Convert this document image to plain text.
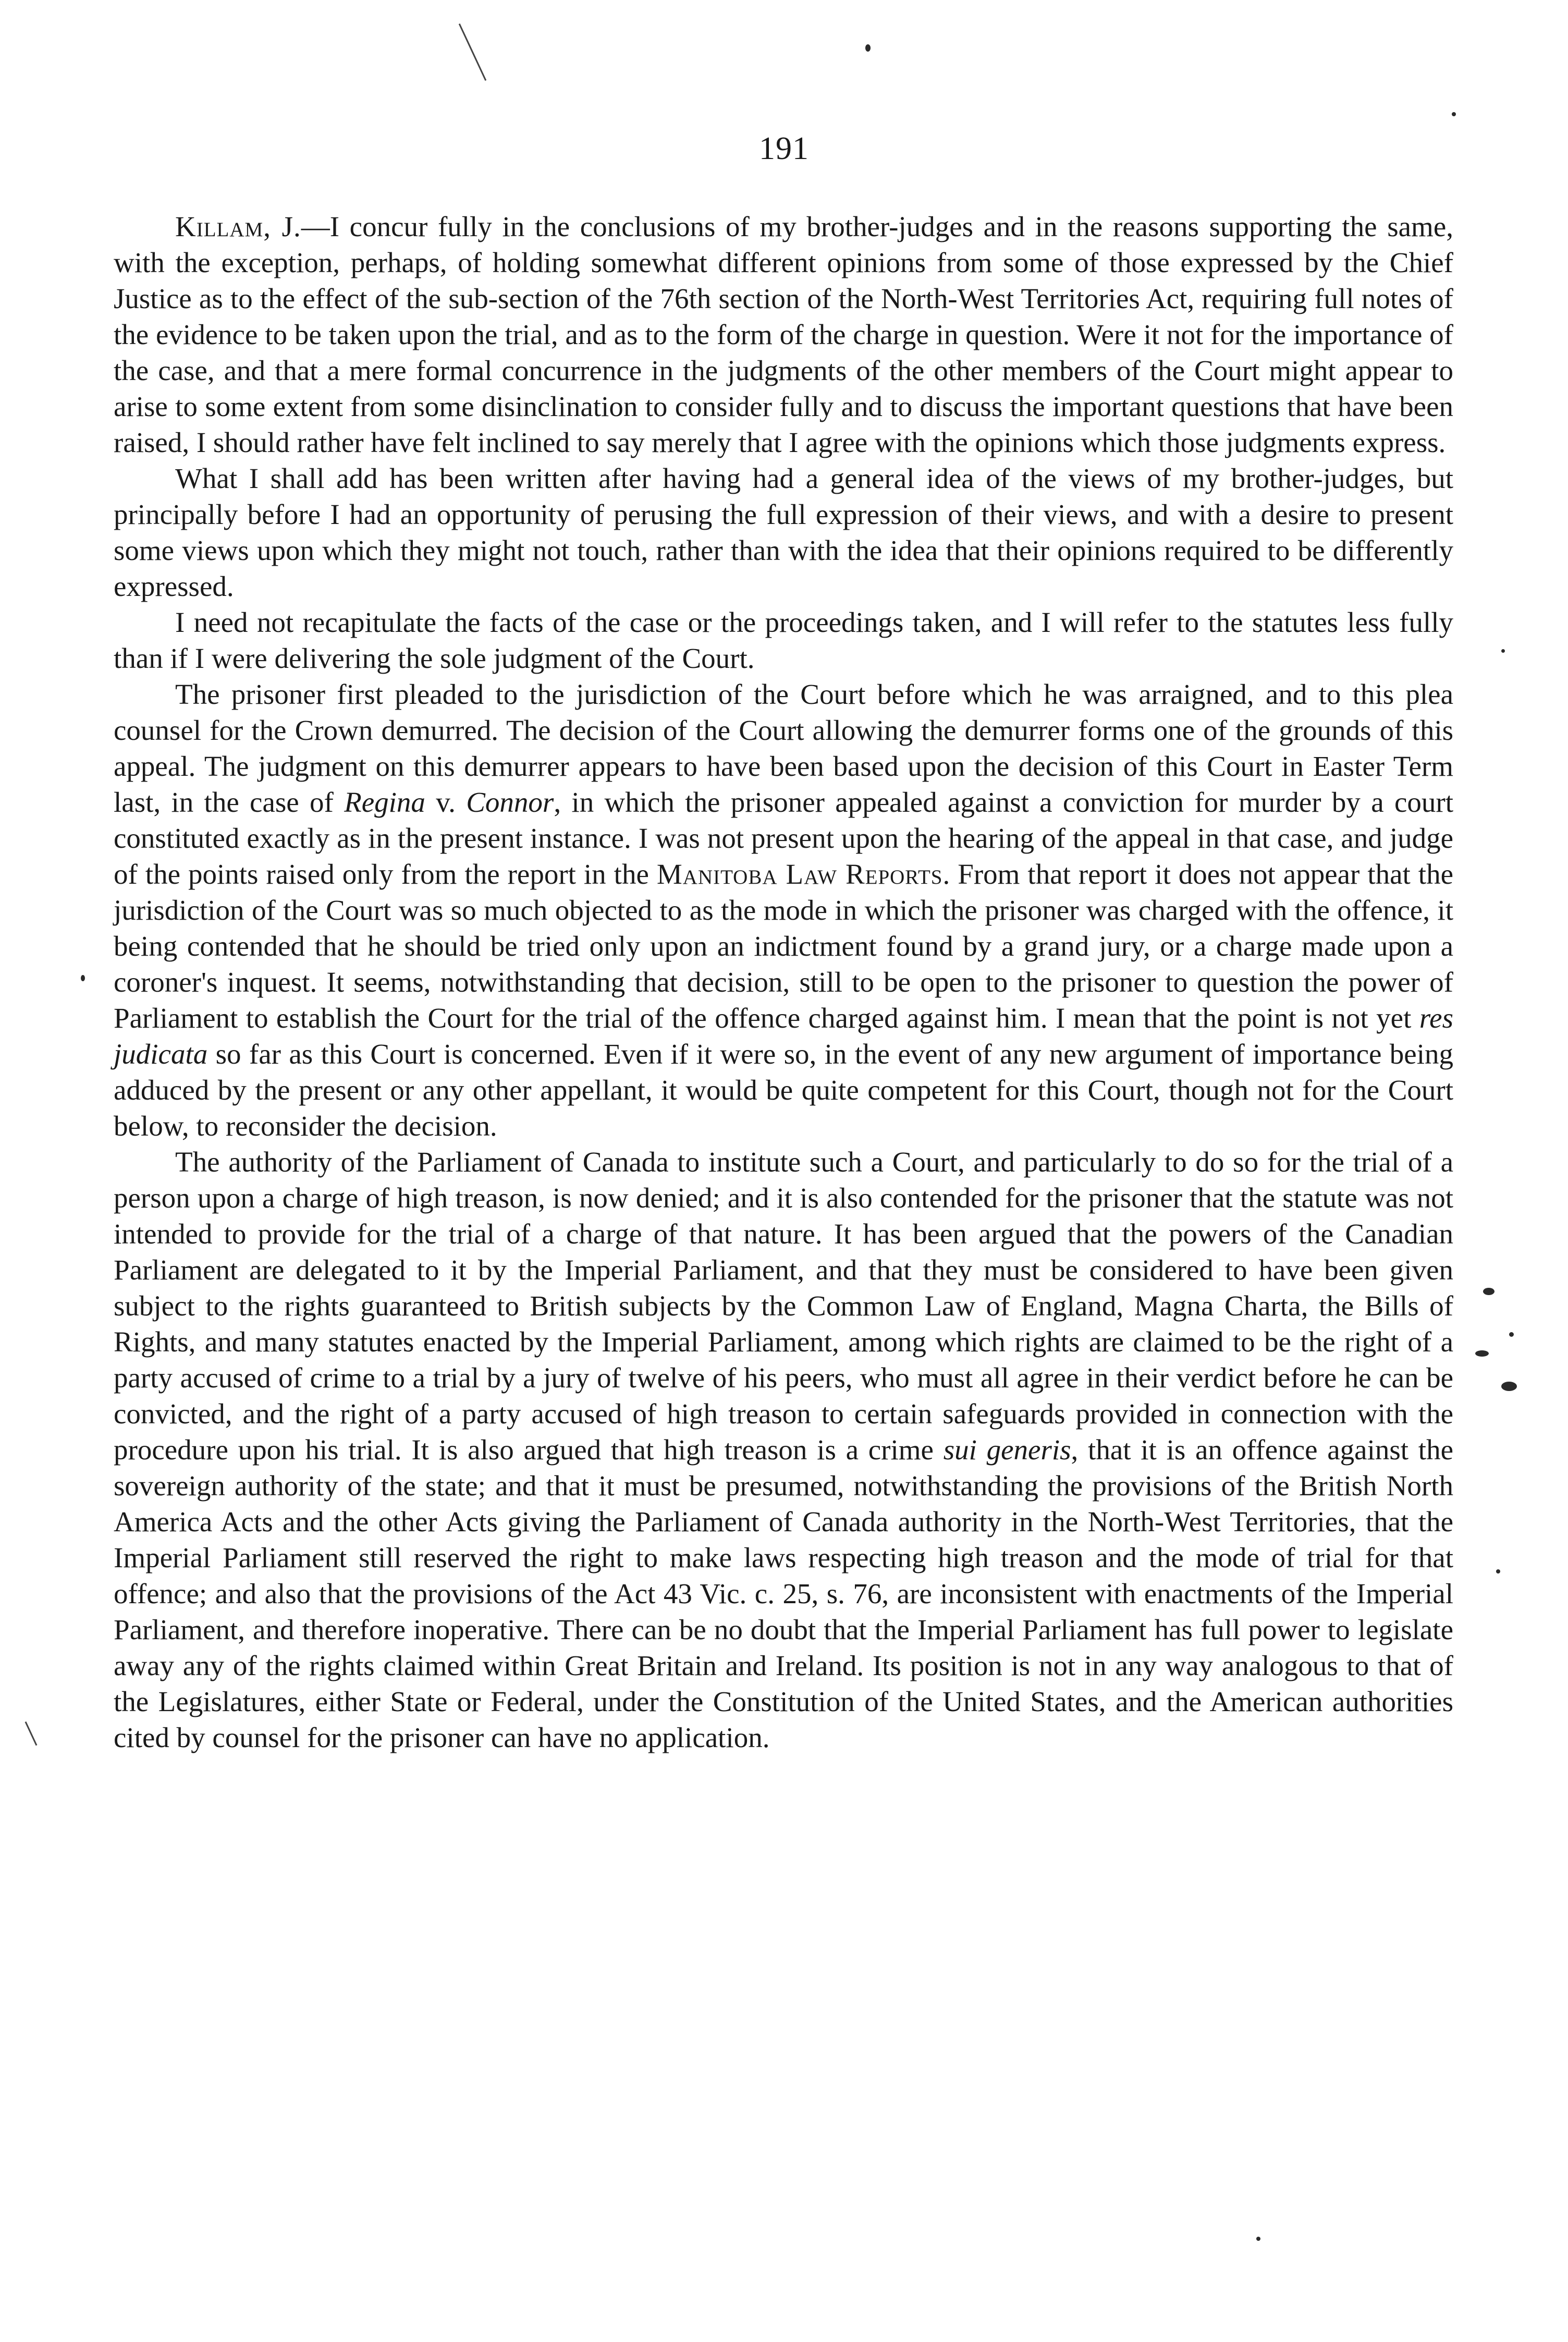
191

Killam, J.—I concur fully in the conclusions of my brother-judges and in the reasons supporting the same, with the exception, perhaps, of holding somewhat different opinions from some of those expressed by the Chief Justice as to the effect of the sub-section of the 76th section of the North-West Territories Act, requiring full notes of the evidence to be taken upon the trial, and as to the form of the charge in question. Were it not for the importance of the case, and that a mere formal concurrence in the judgments of the other members of the Court might appear to arise to some extent from some disinclination to consider fully and to discuss the important questions that have been raised, I should rather have felt inclined to say merely that I agree with the opinions which those judgments express.

What I shall add has been written after having had a general idea of the views of my brother-judges, but principally before I had an opportunity of perusing the full expression of their views, and with a desire to present some views upon which they might not touch, rather than with the idea that their opinions required to be differently expressed.

I need not recapitulate the facts of the case or the proceedings taken, and I will refer to the statutes less fully than if I were delivering the sole judgment of the Court.

The prisoner first pleaded to the jurisdiction of the Court before which he was arraigned, and to this plea counsel for the Crown demurred. The decision of the Court allowing the demurrer forms one of the grounds of this appeal. The judgment on this demurrer appears to have been based upon the decision of this Court in Easter Term last, in the case of Regina v. Connor, in which the prisoner appealed against a conviction for murder by a court constituted exactly as in the present instance. I was not present upon the hearing of the appeal in that case, and judge of the points raised only from the report in the Manitoba Law Reports. From that report it does not appear that the jurisdiction of the Court was so much objected to as the mode in which the prisoner was charged with the offence, it being contended that he should be tried only upon an indictment found by a grand jury, or a charge made upon a coroner's inquest. It seems, notwithstanding that decision, still to be open to the prisoner to question the power of Parliament to establish the Court for the trial of the offence charged against him. I mean that the point is not yet res judicata so far as this Court is concerned. Even if it were so, in the event of any new argument of importance being adduced by the present or any other appellant, it would be quite competent for this Court, though not for the Court below, to reconsider the decision.

The authority of the Parliament of Canada to institute such a Court, and particularly to do so for the trial of a person upon a charge of high treason, is now denied; and it is also contended for the prisoner that the statute was not intended to provide for the trial of a charge of that nature. It has been argued that the powers of the Canadian Parliament are delegated to it by the Imperial Parliament, and that they must be considered to have been given subject to the rights guaranteed to British subjects by the Common Law of England, Magna Charta, the Bills of Rights, and many statutes enacted by the Imperial Parliament, among which rights are claimed to be the right of a party accused of crime to a trial by a jury of twelve of his peers, who must all agree in their verdict before he can be convicted, and the right of a party accused of high treason to certain safeguards provided in connection with the procedure upon his trial. It is also argued that high treason is a crime sui generis, that it is an offence against the sovereign authority of the state; and that it must be presumed, notwithstanding the provisions of the British North America Acts and the other Acts giving the Parliament of Canada authority in the North-West Territories, that the Imperial Parliament still reserved the right to make laws respecting high treason and the mode of trial for that offence; and also that the provisions of the Act 43 Vic. c. 25, s. 76, are inconsistent with enactments of the Imperial Parliament, and therefore inoperative. There can be no doubt that the Imperial Parliament has full power to legislate away any of the rights claimed within Great Britain and Ireland. Its position is not in any way analogous to that of the Legislatures, either State or Federal, under the Constitution of the United States, and the American authorities cited by counsel for the prisoner can have no application.
